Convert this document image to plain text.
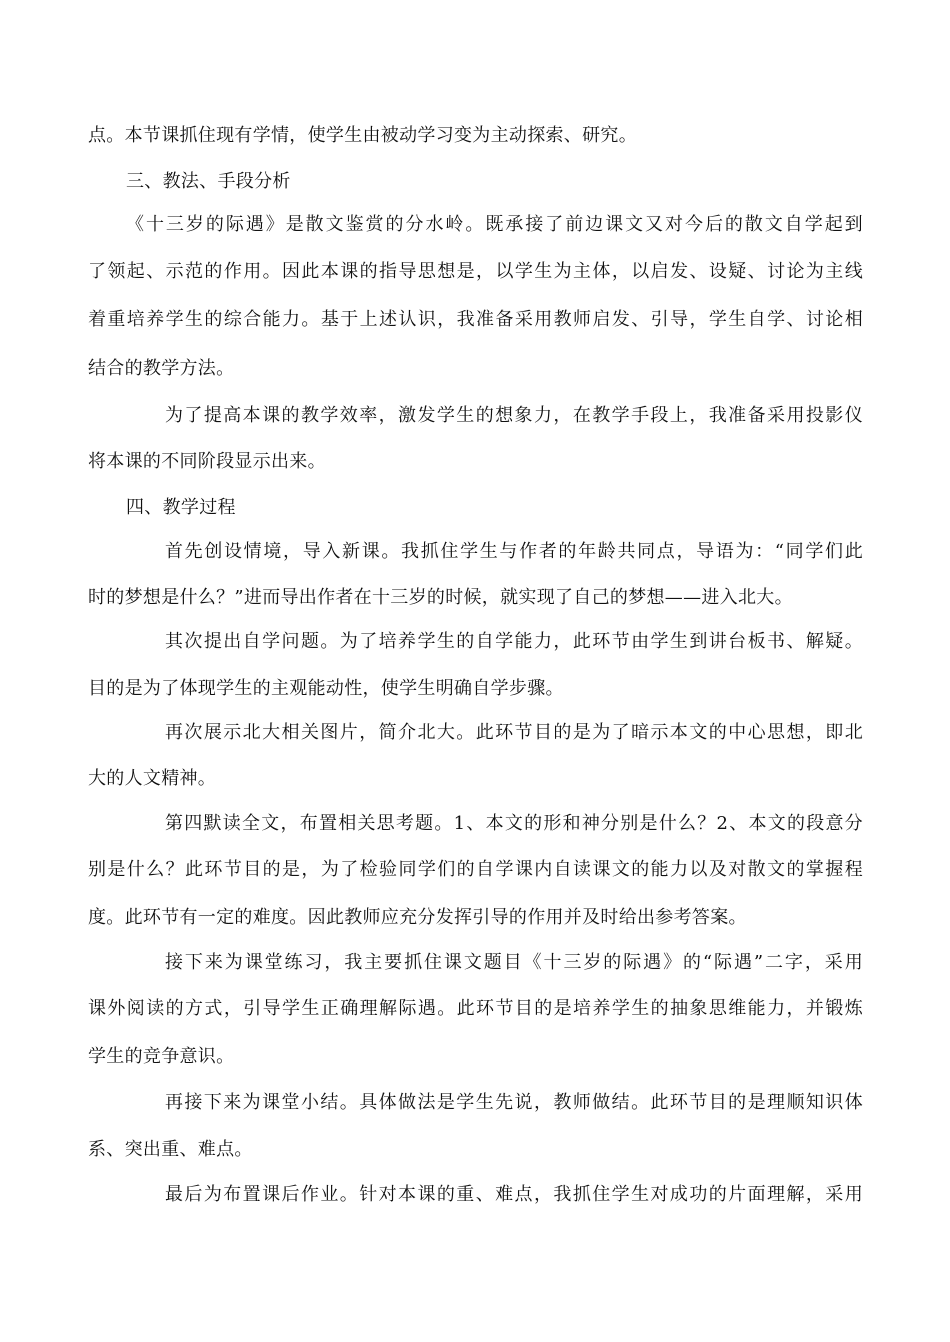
点。本节课抓住现有学情，使学生由被动学习变为主动探索、研究。
三、教法、手段分析
《十三岁的际遇》是散文鉴赏的分水岭。既承接了前边课文又对今后的散文自学起到
了领起、示范的作用。因此本课的指导思想是，以学生为主体，以启发、设疑、讨论为主线
着重培养学生的综合能力。基于上述认识，我准备采用教师启发、引导，学生自学、讨论相
结合的教学方法。
为了提高本课的教学效率，激发学生的想象力，在教学手段上，我准备采用投影仪
将本课的不同阶段显示出来。
四、教学过程
首先创设情境，导入新课。我抓住学生与作者的年龄共同点，导语为：“同学们此
时的梦想是什么？”进而导出作者在十三岁的时候，就实现了自己的梦想——进入北大。
其次提出自学问题。为了培养学生的自学能力，此环节由学生到讲台板书、解疑。
目的是为了体现学生的主观能动性，使学生明确自学步骤。
再次展示北大相关图片，简介北大。此环节目的是为了暗示本文的中心思想，即北
大的人文精神。
第四默读全文，布置相关思考题。1、本文的形和神分别是什么？2、本文的段意分
别是什么？此环节目的是，为了检验同学们的自学课内自读课文的能力以及对散文的掌握程
度。此环节有一定的难度。因此教师应充分发挥引导的作用并及时给出参考答案。
接下来为课堂练习，我主要抓住课文题目《十三岁的际遇》的“际遇”二字，采用
课外阅读的方式，引导学生正确理解际遇。此环节目的是培养学生的抽象思维能力，并锻炼
学生的竞争意识。
再接下来为课堂小结。具体做法是学生先说，教师做结。此环节目的是理顺知识体
系、突出重、难点。
最后为布置课后作业。针对本课的重、难点，我抓住学生对成功的片面理解，采用
